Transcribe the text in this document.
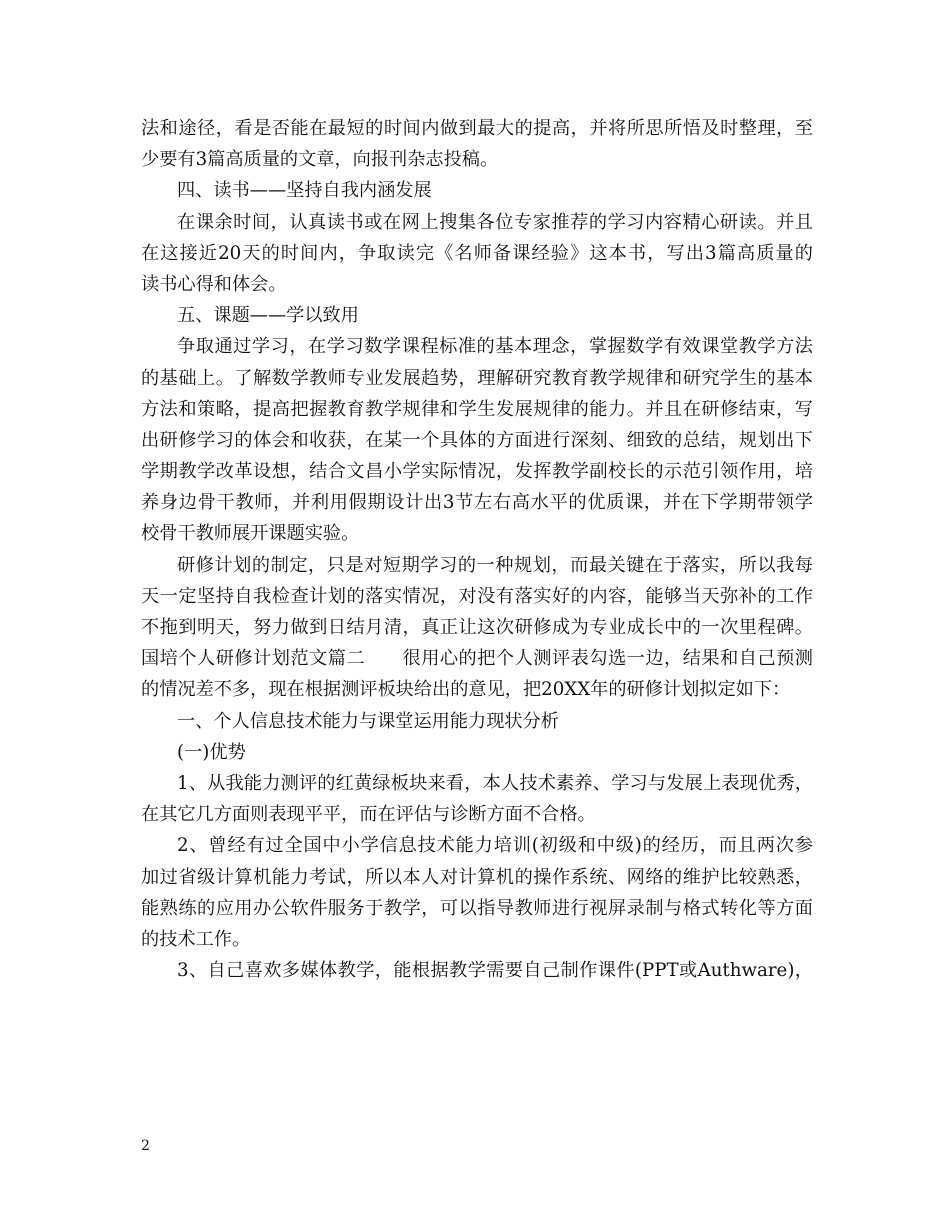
法和途径，看是否能在最短的时间内做到最大的提高，并将所思所悟及时整理，至
少要有3篇高质量的文章，向报刊杂志投稿。
四、读书——坚持自我内涵发展
在课余时间，认真读书或在网上搜集各位专家推荐的学习内容精心研读。并且
在这接近20天的时间内，争取读完《名师备课经验》这本书，写出3篇高质量的
读书心得和体会。
五、课题——学以致用
争取通过学习，在学习数学课程标准的基本理念，掌握数学有效课堂教学方法
的基础上。了解数学教师专业发展趋势，理解研究教育教学规律和研究学生的基本
方法和策略，提高把握教育教学规律和学生发展规律的能力。并且在研修结束，写
出研修学习的体会和收获，在某一个具体的方面进行深刻、细致的总结，规划出下
学期教学改革设想，结合文昌小学实际情况，发挥教学副校长的示范引领作用，培
养身边骨干教师，并利用假期设计出3节左右高水平的优质课，并在下学期带领学
校骨干教师展开课题实验。
研修计划的制定，只是对短期学习的一种规划，而最关键在于落实，所以我每
天一定坚持自我检查计划的落实情况，对没有落实好的内容，能够当天弥补的工作
不拖到明天，努力做到日结月清，真正让这次研修成为专业成长中的一次里程碑。
国培个人研修计划范文篇二　　很用心的把个人测评表勾选一边，结果和自己预测
的情况差不多，现在根据测评板块给出的意见，把20XX年的研修计划拟定如下：
一、个人信息技术能力与课堂运用能力现状分析
(一)优势
1、从我能力测评的红黄绿板块来看，本人技术素养、学习与发展上表现优秀，
在其它几方面则表现平平，而在评估与诊断方面不合格。
2、曾经有过全国中小学信息技术能力培训(初级和中级)的经历，而且两次参
加过省级计算机能力考试，所以本人对计算机的操作系统、网络的维护比较熟悉，
能熟练的应用办公软件服务于教学，可以指导教师进行视屏录制与格式转化等方面
的技术工作。
3、自己喜欢多媒体教学，能根据教学需要自己制作课件(PPT或Authware)，
2
